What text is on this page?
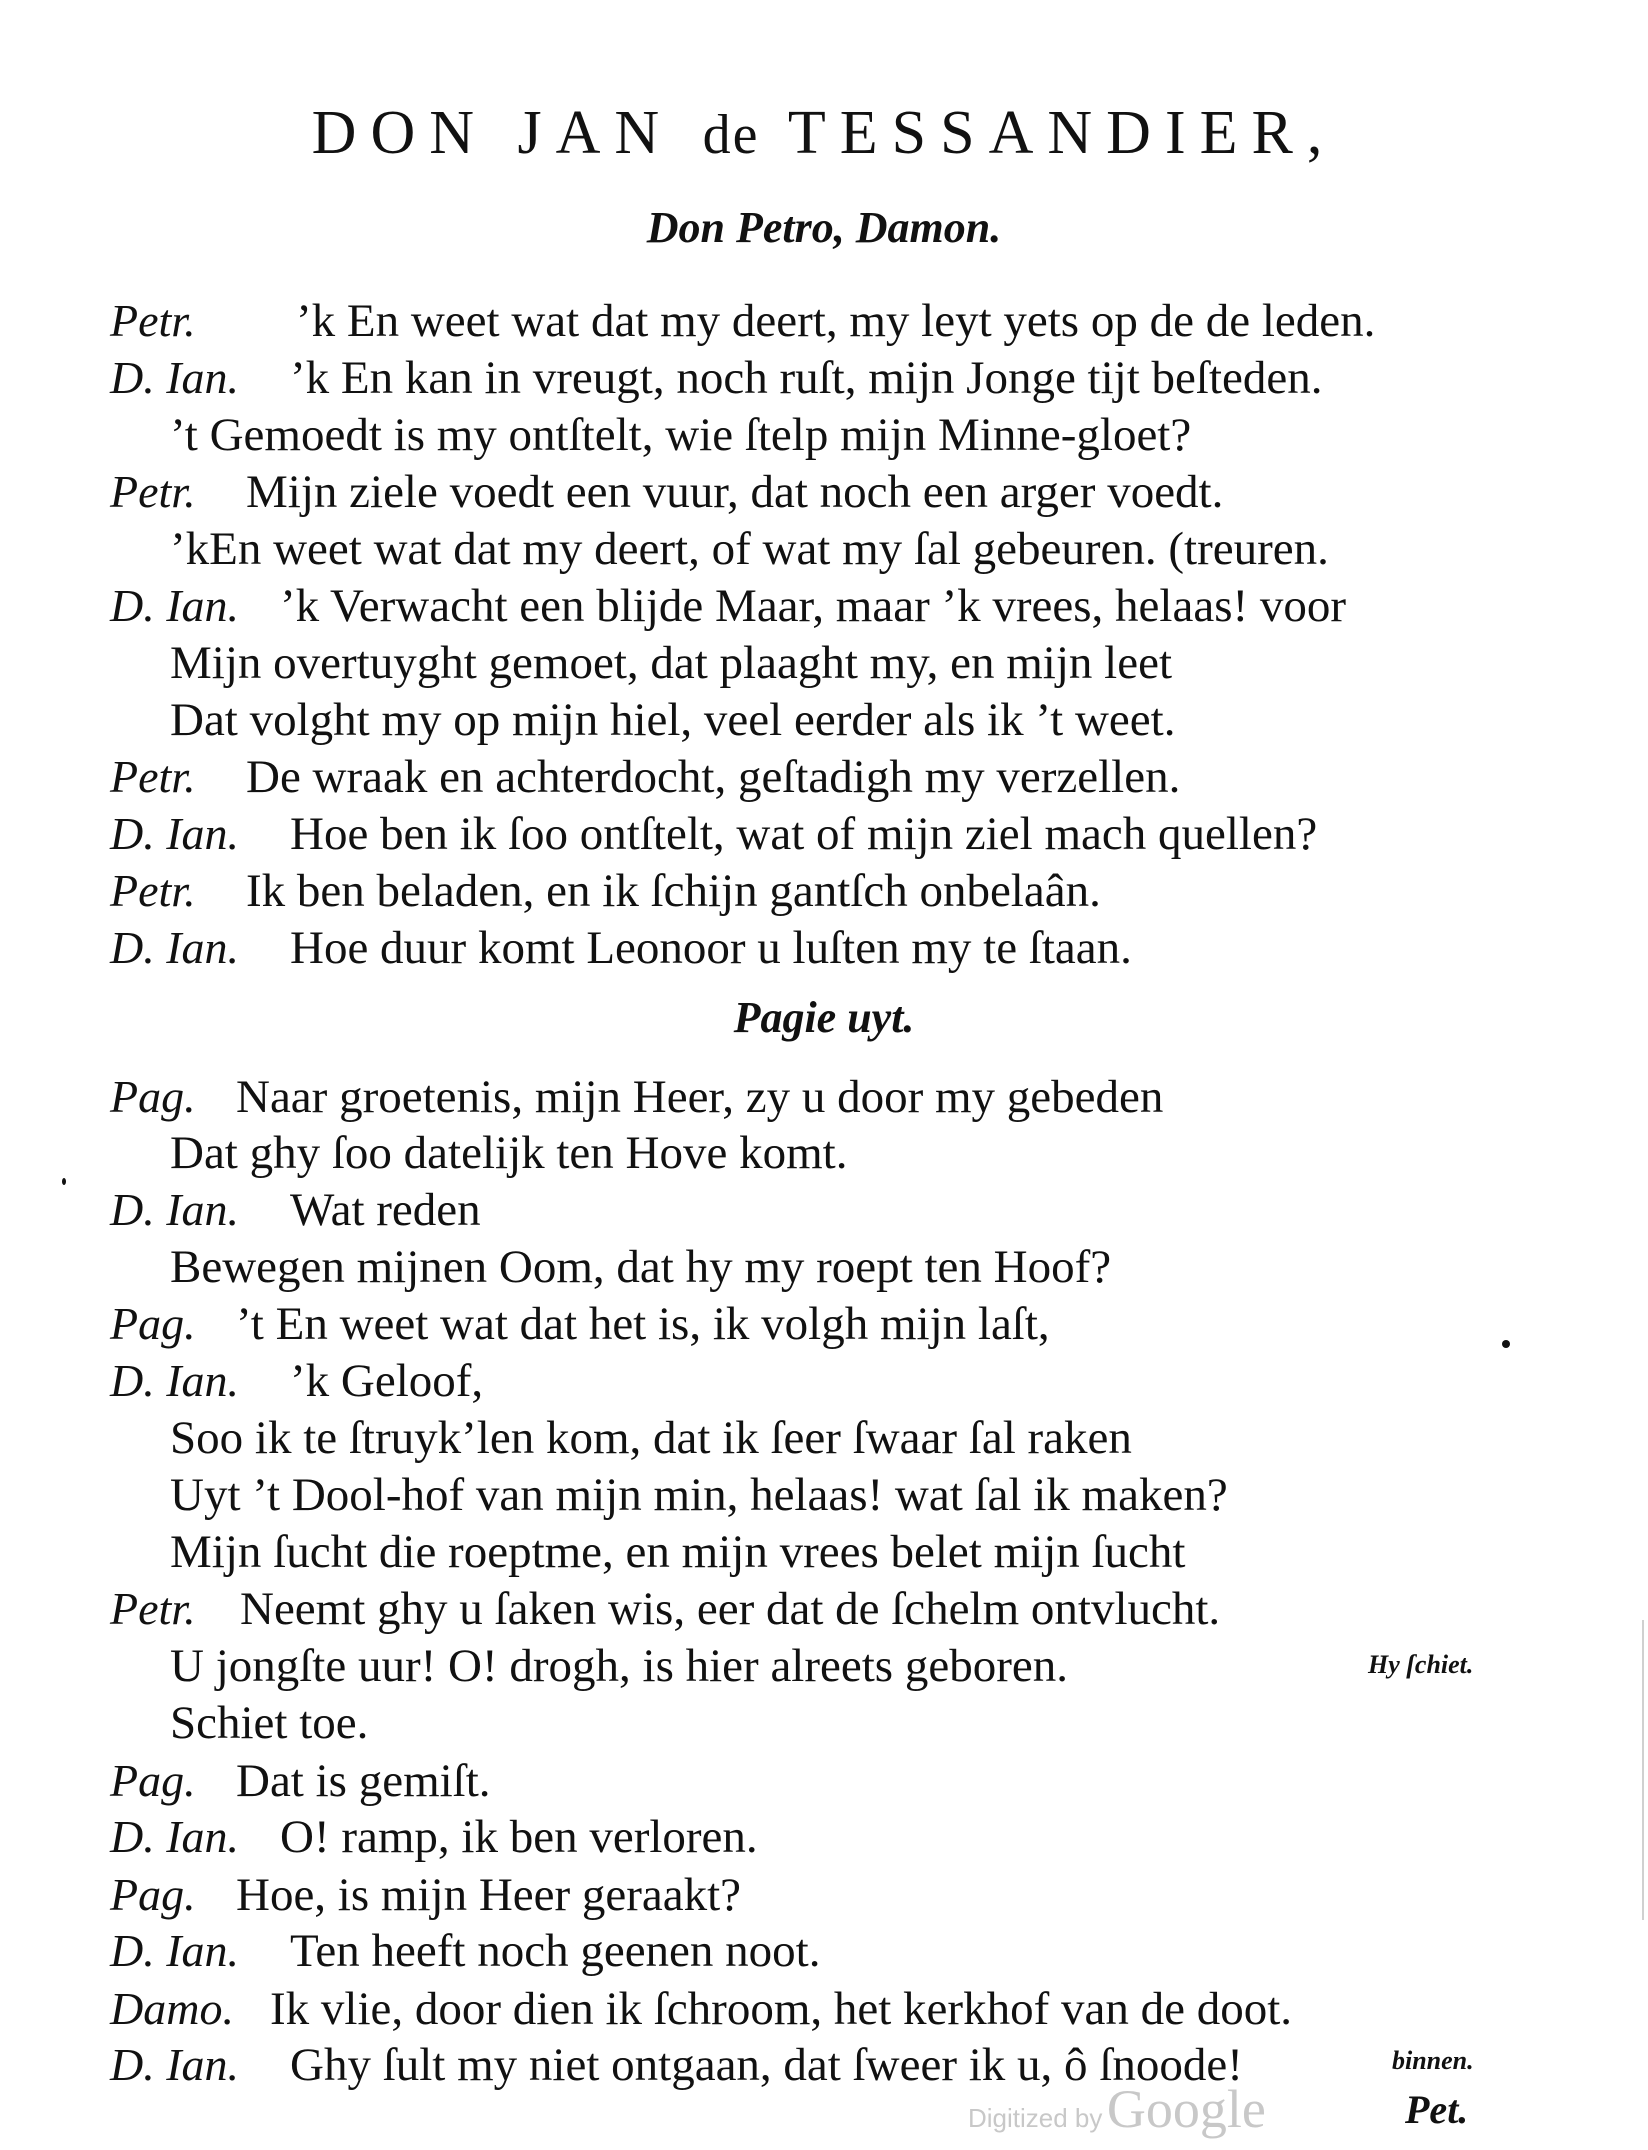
DON JAN de TESSANDIER,
Don Petro, Damon.
Petr. ’k En weet wat dat my deert, my leyt yets op de de leden.
D. Ian. ’k En kan in vreugt, noch ruſt, mijn Jonge tijt beſteden.
’t Gemoedt is my ontſtelt, wie ſtelp mijn Minne-gloet?
Petr. Mijn ziele voedt een vuur, dat noch een arger voedt.
’kEn weet wat dat my deert, of wat my ſal gebeuren. (treuren.
D. Ian. ’k Verwacht een blijde Maar, maar ’k vrees, helaas! voor
Mijn overtuyght gemoet, dat plaaght my, en mijn leet
Dat volght my op mijn hiel, veel eerder als ik ’t weet.
Petr. De wraak en achterdocht, geſtadigh my verzellen.
D. Ian. Hoe ben ik ſoo ontſtelt, wat of mijn ziel mach quellen?
Petr. Ik ben beladen, en ik ſchijn gantſch onbelaân.
D. Ian. Hoe duur komt Leonoor u luſten my te ſtaan.
Pag. Naar groetenis, mijn Heer, zy u door my gebeden
Dat ghy ſoo datelijk ten Hove komt.
D. Ian. Wat reden
Bewegen mijnen Oom, dat hy my roept ten Hoof?
Pag. ’t En weet wat dat het is, ik volgh mijn laſt,
D. Ian. ’k Geloof,
Soo ik te ſtruyk’len kom, dat ik ſeer ſwaar ſal raken
Uyt ’t Dool-hof van mijn min, helaas! wat ſal ik maken?
Mijn ſucht die roeptme, en mijn vrees belet mijn ſucht
Petr. Neemt ghy u ſaken wis, eer dat de ſchelm ontvlucht.
U jongſte uur! O! drogh, is hier alreets geboren.
Schiet toe.
Pag. Dat is gemiſt.
D. Ian. O! ramp, ik ben verloren.
Pag. Hoe, is mijn Heer geraakt?
D. Ian. Ten heeft noch geenen noot.
Damo. Ik vlie, door dien ik ſchroom, het kerkhof van de doot.
D. Ian. Ghy ſult my niet ontgaan, dat ſweer ik u, ô ſnoode!
Pagie uyt.
Hy ſchiet.
binnen.
Pet.
Digitized by Google
